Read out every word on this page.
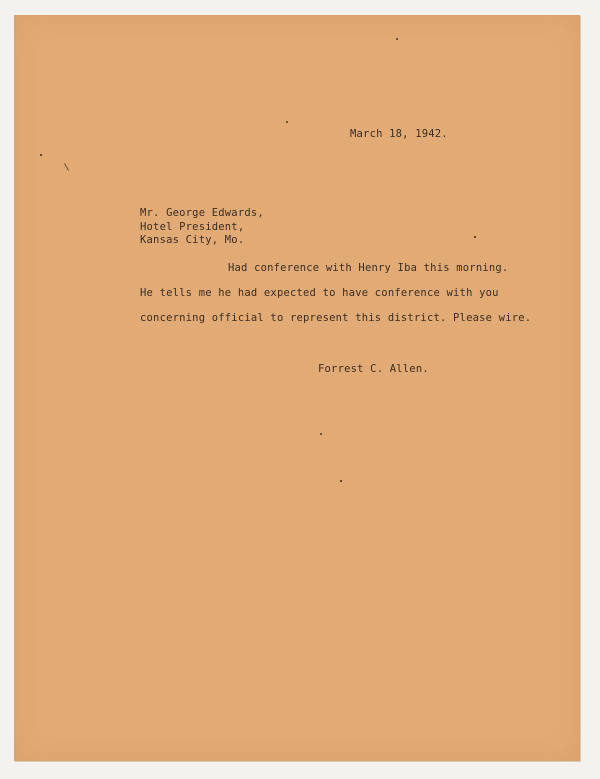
March 18, 1942.
Mr. George Edwards,
Hotel President,
Kansas City, Mo.
Had conference with Henry Iba this morning.
He tells me he had expected to have conference with you
concerning official to represent this district. Please wire.
Forrest C. Allen.
